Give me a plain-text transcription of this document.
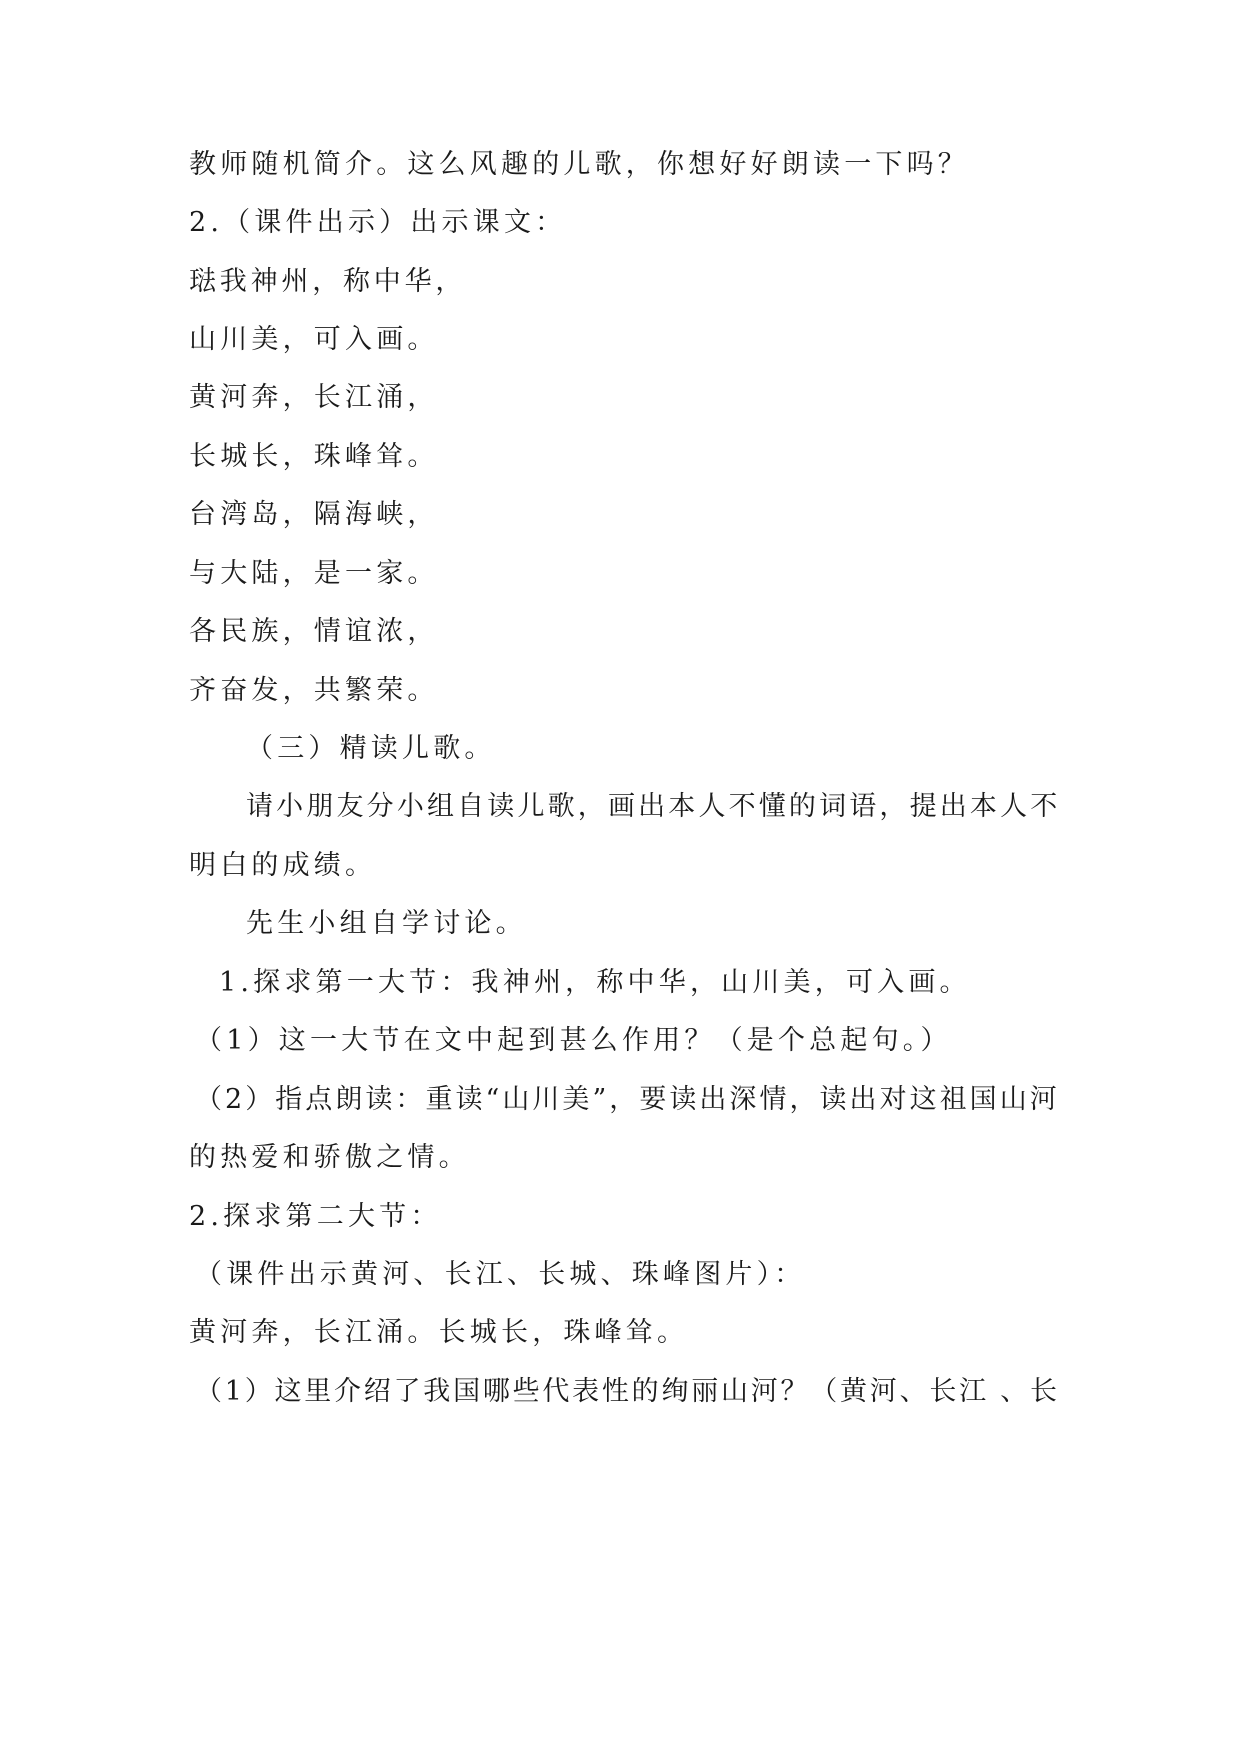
教师随机简介。这么风趣的儿歌，你想好好朗读一下吗？
2.（课件出示）出示课文：
琺我神州，称中华，
山川美，可入画。
黄河奔，长江涌，
长城长，珠峰耸。
台湾岛，隔海峡，
与大陆，是一家。
各民族，情谊浓，
齐奋发，共繁荣。
（三）精读儿歌。
请小朋友分小组自读儿歌，画出本人不懂的词语，提出本人不
明白的成绩。
先生小组自学讨论。
1.探求第一大节：我神州，称中华，山川美，可入画。
（1）这一大节在文中起到甚么作用？（是个总起句。）
（2）指点朗读：重读“山川美”，要读出深情，读出对这祖国山河
的热爱和骄傲之情。
2.探求第二大节：
（课件出示黄河、长江、长城、珠峰图片）：
黄河奔，长江涌。长城长，珠峰耸。
（1）这里介绍了我国哪些代表性的绚丽山河？（黄河、长江 、长
